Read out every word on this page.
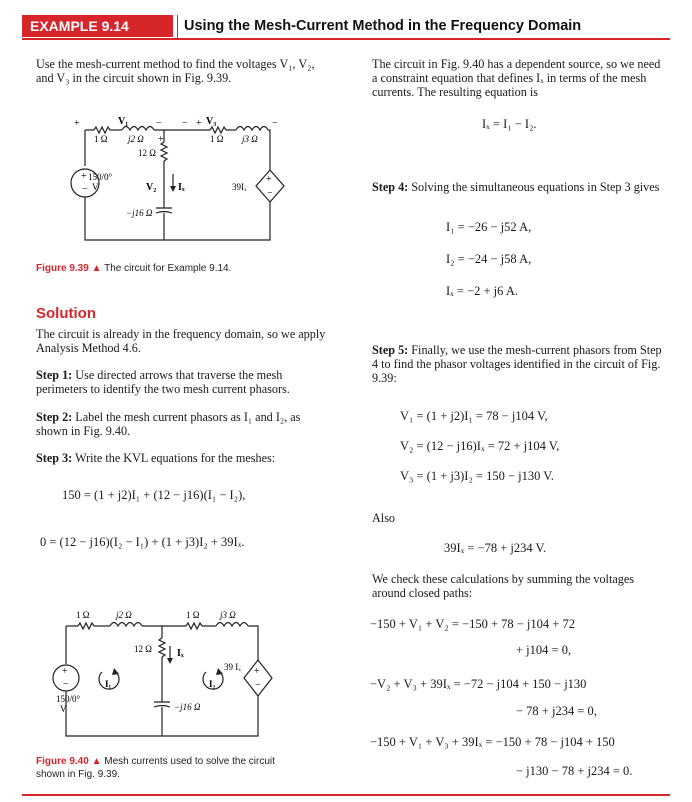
EXAMPLE 9.14	Using the Mesh-Current Method in the Frequency Domain

Use the mesh-current method to find the voltages V₁, V₂, and V₃ in the circuit shown in Fig. 9.39.

+
−
+
−
150/0°
V
1 Ω j2 Ω	1 Ω j3 Ω
12 Ω
−j16 Ω
39Iₓ
V₁	V₃
V₂ Iₓ
+	−
+
− +	−
Figure 9.39 ▲ The circuit for Example 9.14.
Solution

The circuit is already in the frequency domain, so we apply Analysis Method 4.6.

Step 1: Use directed arrows that traverse the mesh perimeters to identify the two mesh current phasors.

Step 2: Label the mesh current phasors as I₁ and I₂, as shown in Fig. 9.40.

Step 3: Write the KVL equations for the meshes:

150 = (1 + j2)I₁ + (12 − j16)(I₁ − I₂),
0 = (12 − j16)(I₂ − I₁) + (1 + j3)I₂ + 39Iₓ.
+
−
+
−
150/0°
V
1 Ω	j2 Ω	1 Ω j3 Ω
12 Ω
−j16 Ω
39 Iₓ
Iₓ
I₁	I₂
Figure 9.40 ▲ Mesh currents used to solve the circuit shown in Fig. 9.39.

The circuit in Fig. 9.40 has a dependent source, so we need a constraint equation that defines Iₓ in terms of the mesh currents. The resulting equation is

Iₓ = I₁ − I₂.

Step 4: Solving the simultaneous equations in Step 3 gives

I₁ = −26 − j52 A,
I₂ = −24 − j58 A,
Iₓ = −2 + j6 A.

Step 5: Finally, we use the mesh-current phasors from Step 4 to find the phasor voltages identified in the circuit of Fig. 9.39:

V₁ = (1 + j2)I₁ = 78 − j104 V,
V₂ = (12 − j16)Iₓ = 72 + j104 V,
V₃ = (1 + j3)I₂ = 150 − j130 V.

Also

39Iₓ = −78 + j234 V.

We check these calculations by summing the voltages around closed paths:

−150 + V₁ + V₂ = −150 + 78 − j104 + 72
+ j104 = 0,
−V₂ + V₃ + 39Iₓ = −72 − j104 + 150 − j130
− 78 + j234 = 0,
−150 + V₁ + V₃ + 39Iₓ = −150 + 78 − j104 + 150
− j130 − 78 + j234 = 0.
